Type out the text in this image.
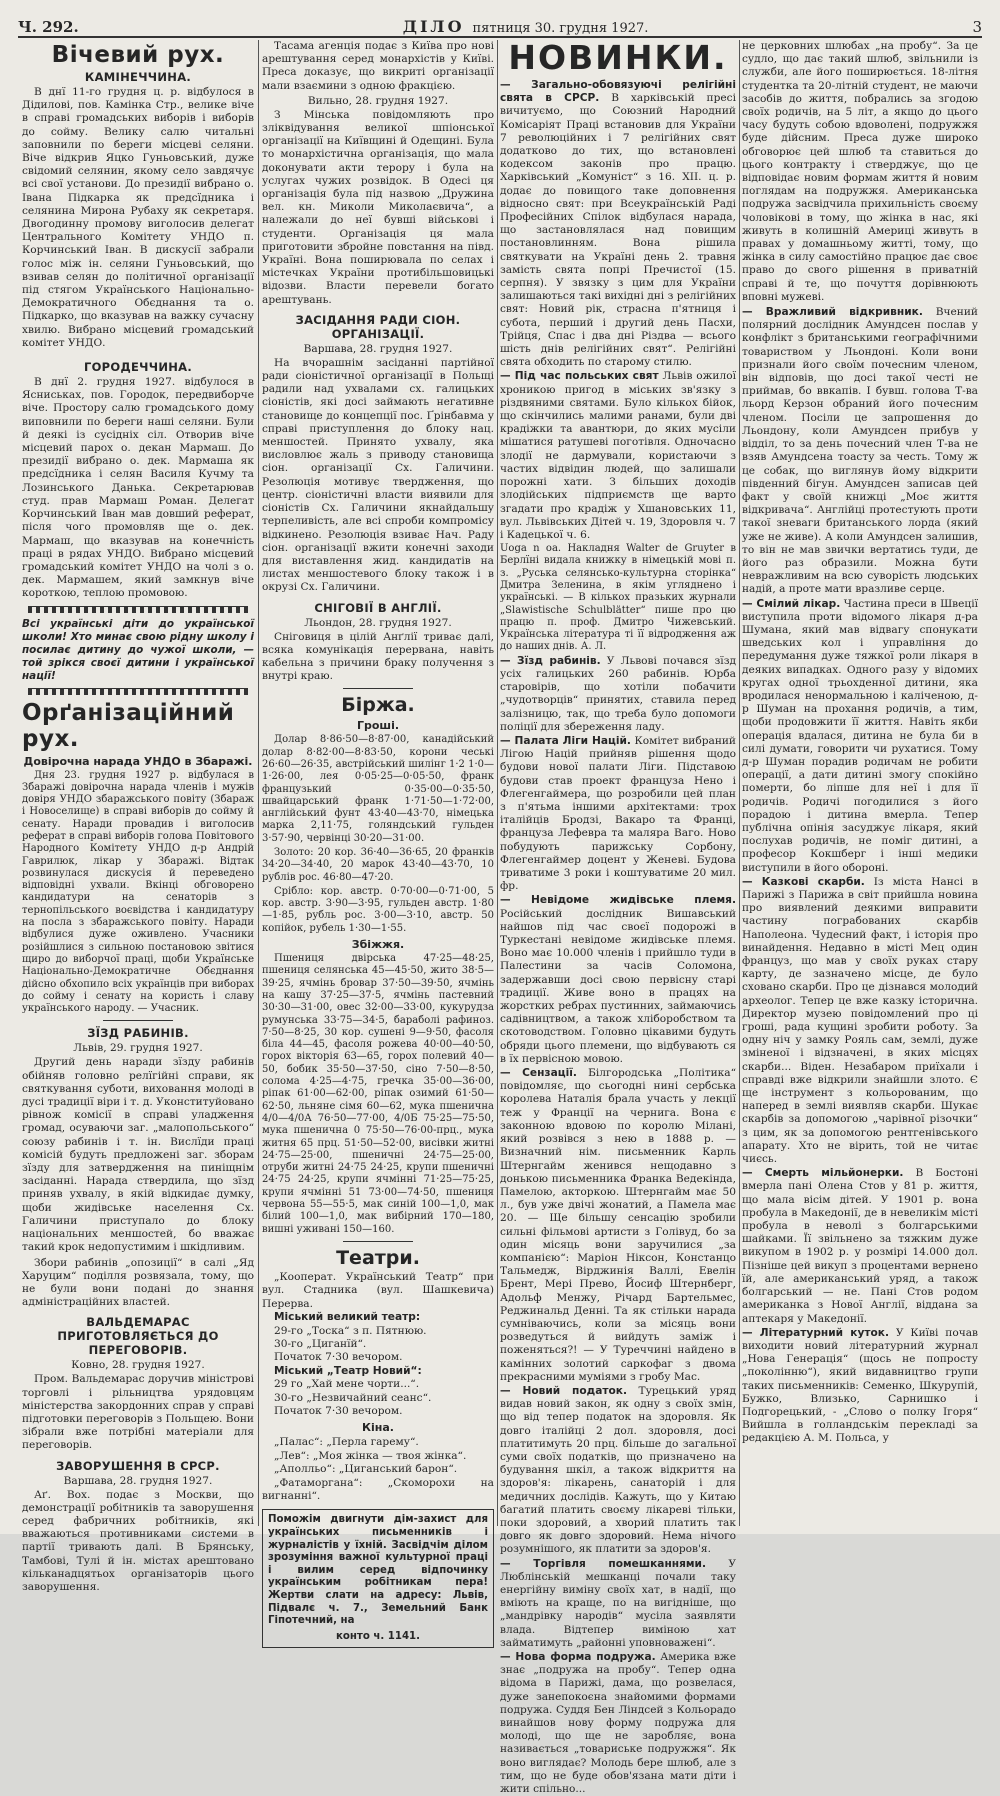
Ч. 292.	ДІЛО пятниця 30. грудня 1927.	3
Вічевий рух.
КАМІНЕЧЧИНА.

В днї 11-го грудня ц. р. відбулося в Дідилові, пов. Камінка Стр., велике віче в справі громадських виборів і виборів до сойму. Велику салю читальні заповнили по береги місцеві селяни. Віче відкрив Яцко Гуньовський, дуже свідомий селянин, якому село завдячує всі свої установи. До президії вибрано о. Івана Підкарка як предсїдника і селянина Мирона Рубаху як секретаря. Двогодинну промову виголосив делегат Центрального Комітету УНДО п. Корчинський Іван. В дискусії забрали голос між ін. селяни Гуньовський, що взивав селян до політичної організації під стягом Українського Національно-Демократичного Обєднання та о. Підкарко, що вказував на важку сучасну хвилю. Вибрано місцевий громадський комітет УНДО.

ГОРОДЕЧЧИНА.

В днї 2. грудня 1927. відбулося в Ясниськах, пов. Городок, передвиборче віче. Простору салю громадського дому виповнили по береги наші селяни. Були й деякі із сусідніх сіл. Отворив віче місцевий парох о. декан Мармаш. До президії вибрано о. дек. Мармаша як предсїдника і селян Василя Кучму та Лозинського Данька. Секретарював студ. прав Мармаш Роман. Делегат Корчинський Іван мав довший реферат, після чого промовляв ще о. дек. Мармаш, що вказував на конечність праці в рядах УНДО. Вибрано місцевий громадський комітет УНДО на чолі з о. дек. Мармашем, який замкнув віче короткою, теплою промовою.

Всі українські діти до української школи! Хто минає свою рідну школу і посилає дитину до чужої школи, — той зрікся своєї дитини і української нації!
Орґанізаційний рух.
Довірочна нарада УНДО в Збаражі.

Дня 23. грудня 1927 р. відбулася в Збаражі довірочна нарада членів і мужів довіря УНДО збаражського повіту (Збараж і Новоселище) в справі виборів до сойму й сенату. Наради провадив і виголосив реферат в справі виборів голова Повітового Народного Комітету УНДО д-р Андрій Гаврилюк, лікар у Збаражі. Відтак розвинулася дискусія й переведено відповідні ухвали. Вкінці обговорено кандидатури на сенаторів з тернопільського воєвідства і кандидатуру на посла з збаражського повіту. Наради відбулися дуже оживлено. Учасники розійшлися з сильною постановою звітися щиро до виборчої праці, щоби Українське Національно-Демократичне Обєднання дійсно обхопило всіх українців при виборах до сойму і сенату на користь і славу українського народу. — Учасник.

ЗЇЗД РАБИНІВ.
Львів, 29. грудня 1927.

Другий день наради зїзду рабинів обійняв головно релїгійні справи, як святкування суботи, виховання молоді в дусі традиції віри і т. д. Уконституйовано рівнож комісії в справі уладження громад, осуваючи заг. „малопольського“ союзу рабинів і т. ін. Вислїди праці комісій будуть предложені заг. зборам зїзду для затвердження на пиніщнім засіданні. Нарада ствердила, що зїзд приняв ухвалу, в якій відкидає думку, щоби жидівське населення Сх. Галичини приступало до блоку національних меншостей, бо вважає такий крок недопустимим і шкідливим.

Збори рабинів „опозиції“ в салі „Яд Харуцим“ поділля розвязала, тому, що не були вони подані до знання адміністраційних властей.

ВАЛЬДЕМАРАС ПРИГОТОВЛЯЄТЬСЯ ДО ПЕРЕГОВОРІВ.
Ковно, 28. грудня 1927.

Пром. Вальдемарас доручив міністрові торговлі і рільництва урядовцям міністерства закордонних справ у справі підготовки переговорів з Польщею. Вони зібрали вже потрібні матеріали для переговорів.

ЗАВОРУШЕННЯ В СРСР.
Варшава, 28. грудня 1927.

Аґ. Вох. подає з Москви, що демонстрації робітників та заворушення серед фабричних робітників, які вважаються противниками системи в партії тривають далі. В Брянську, Тамбові, Тулі й ін. містах арештовано кільканадцятьох організаторів цього заворушення.

Тасама агенція подає з Київа про нові арештування серед монархістів у Київі. Преса доказує, що викриті організації мали взаємини з одною фракцією.

Вильно, 28. грудня 1927.

З Мінська повідомляють про зліквідування великої шпіонської організації на Київщині й Одещині. Була то монархістична організація, що мала доконувати акти терору і була на услугах чужих розвідок. В Одесі ця організація була під назвою „Дружина вел. кн. Миколи Миколаєвича“, а належали до неї бувші військові і студенти. Організація ця мала приготовити збройне повстання на півд. Україні. Вона поширювала по селах і містечках України протибільшовицькі відозви. Власти перевели богато арештувань.

ЗАСІДАННЯ РАДИ СІОН. ОРГАНІЗАЦІЇ.
Варшава, 28. грудня 1927.

На вчорашнім засіданні партійної ради сіоністичної організації в Польщі радили над ухвалами сх. галицьких сіоністів, які досі займають негативне становище до концепції пос. Ґрінбавма у справі приступлення до блоку нац. меншостей. Принято ухвалу, яка висловлює жаль з приводу становища сіон. організації Сх. Галичини. Резолюція мотивує твердження, що центр. сіоністичні власти виявили для сіоністів Сх. Галичини якнайдальшу терпеливість, але всі спроби компромісу відкинено. Резолюція взиває Нач. Раду сіон. організації вжити конечні заходи для виставлення жид. кандидатів на листах меншостевого блоку також і в окрузі Сх. Галичини.

СНІГОВІЇ В АНГЛІЇ.
Льондон, 28. грудня 1927.

Сніговиця в цілій Анґлії триває далі, всяка комунікація перервана, навіть кабельна з причини браку получення з внутрі краю.

Біржа.
Гроші.

Долар 8·86·50—8·87·00, канадійський долар 8·82·00—8·83·50, корони чеські 26·60—26·35, австрійський шилінг 1·2 1·0—1·26·00, лея 0·05·25—0·05·50, франк французький 0·35·00—0·35·50, швайцарський франк 1·71·50—1·72·00, англійський фунт 43·40—43·70, німецька марка 2,11·75, голяндський гульден 3·57·90, червінці 30·20—31·00.

Золото: 20 кор. 36·40—36·65, 20 франків 34·20—34·40, 20 марок 43·40—43·70, 10 рублів рос. 46·80—47·20.

Срібло: кор. австр. 0·70·00—0·71·00, 5 кор. австр. 3·90—3·95, гульден австр. 1·80—1·85, рубль рос. 3·00—3·10, австр. 50 копійок, рубель 1·30—1·55.

Збіжжя.

Пшениця двірська 47·25—48·25, пшениця селянська 45—45·50, жито 38·5—39·25, ячмінь бровар 37·50—39·50, ячмінь на кашу 37·25—37·5, ячмінь пастевний 30·30—31·00, овес 32·00—33·00, кукурудза румунська 33·75—34·5, бараболі рафиноз. 7·50—8·25, 30 кор. сушені 9—9·50, фасоля біла 44—45, фасоля рожева 40·00—40·50, горох вікторія 63—65, горох полевий 40—50, бобик 35·50—37·50, сіно 7·50—8·50, солома 4·25—4·75, гречка 35·00—36·00, ріпак 61·00—62·00, ріпак озимий 61·50—62·50, льняне сімя 60—62, мука пшенична 4/0—4/0А 76·50—77·00, 4/0Б 75·25—75·50, мука пшенична 0 75·50—76·00-прц., мука житня 65 прц. 51·50—52·00, висівки житні 24·75—25·00, пшеничні 24·75—25·00, отруби житні 24·75 24·25, крупи пшеничні 24·75 24·25, крупи ячмінні 71·25—75·25, крупи ячмінні 51 73·00—74·50, пшениця червона 55—55·5, мак синій 100—1,0, мак білий 100—1,0, мак вибірний 170—180, вишні уживані 150—160.

Театри.

„Кооперат. Український Театр“ при вул. Стадника (вул. Шашкевича) Перерва.

Міський великий театр:

29-го „Тоска“ з п. Пятнюю.

30-го „Циганїй“.

Початок 7·30 вечором.

Міський „Театр Новий“:

29 го „Хай мене чорти...“.

30-го „Незвичайний сеанс“.

Початок 7·30 вечором.

Кіна.

„Палас“: „Перла гарему“.

„Лев“: „Моя жінка — твоя жінка“.

„Аполльо“: „Циганський барон“.

„Фатаморгана“: „Скоморохи на вигнанні“.

Поможім двигнути дім-захист для українських письменників і журналістів у їхній. Засвідчім ділом зрозуміння важної культурної праці і вилим серед відпочинку українським робітникам пера! Жертви слати на адресу: Львів, Підвалє ч. 7., Земельний Банк Гіпотечний, на
конто ч. 1141.
НОВИНКИ.
— Загально-обовязуючі релігійні свята в СРСР. В харківській пресі вичитуємо, що Союзний Народний Комісаріят Праці встановив для України 7 революційних і 7 релігійних свят додатково до тих, що встановлені кодексом законів про працю. Харківський „Комуніст“ з 16. XII. ц. р. додає до повищого таке доповнення відносно свят: при Всеукраїнській Раді Професійних Спілок відбулася нарада, що застановлялася над повищим постановлинням. Вона рішила святкувати на Україні день 2. травня замість свята попрі Пречистої (15. серпня). У звязку з цим для України залишаються такі вихідні дні з релігійних свят: Новий рік, страсна п'ятниця і субота, перший і другий день Пасхи, Трійця, Спас і два дні Різдва — всього шість днів релігійних свят“. Релігійні свята обходить по старому стилю.
— Під час польських свят Львів ожилої хроникою пригод в міських зв'язку з різдвяними святами. Було кількох бійок, що скінчились малими ранами, були дві крадіжки та авантюри, до яких мусіли мішатися ратушеві поготівля. Одночасно злодії не дармували, користаючи з частих відвідин людей, що залишали порожні хати. З більших доходів злодійських підприємств ще варто згадати про крадіж у Хшановських 11, вул. Львівських Дітей ч. 19, Здоровля ч. 7 і Кадецької ч. 6.
Uoga n oa. Накладня Walter de Gruyter в Берлїні видала книжку в німецькій мові п. з. „Руська селянсько-культурна сторінка“ Дмитра Зеленина, в якім угляднено і українські. — В кількох празьких журнали „Slawistische Schulblätter“ пише про цю працю п. проф. Дмитро Чижевський. Українська література ті її відродження аж до наших днів. А. Л.
— Зїзд рабинів. У Львові почався зїзд усіх галицьких 260 рабинів. Юрба старовірів, що хотіли побачити „чудотворців“ принятих, ставила перед залізницю, так, що треба було допомоги поліції для збереження ладу.
— Палата Ліги Націй. Комітет вибраний Лігою Націй прийняв рішення щодо будови нової палати Ліги. Підставою будови став проект француза Нено і Флегенгаймера, що розробили цей план з п'ятьма іншими архітектами: трох італійців Бродзі, Вакаро та Франці, француза Лефевра та маляра Ваго. Ново побудують парижську Сорбону, Флегенгаймер доцент у Женеві. Будова триватиме 3 роки і коштуватиме 20 мил. фр.
— Невідоме жидівське племя. Російський дослідник Вишавський найшов під час своєї подорожі в Туркестані невідоме жидівське племя. Воно має 10.000 членів і прийшло туди в Палестини за часів Соломона, задержавши досі свою первісну старі традиції. Живе воно в працях на жорстких ребрах пустинних, займаючись садівництвом, а також хліборобством та скотоводством. Головно цікавими будуть обряди цього племени, що відбувають ся в їх первісною мовою.
— Сензації. Білгородська „Політика“ повідомляє, що сьогодні нині сербська королева Наталія брала участь у лекції теж у Франції на чернига. Вона є законною вдовою по королю Мілані, який розвівся з нею в 1888 р. — Визначний нім. письменник Карль Штернгайм женився нещодавно з донькою письменника Франка Ведекінда, Памелою, акторкою. Штернгайм має 50 л., був уже двічі жонатий, а Памела має 20. — Ще більшу сенсацію зробили сильні фільмові артисти з Голівуд, бо за один місяць вони заручилися „за компанією“: Маріон Ніксон, Констанцо Тальмедж, Вірджинія Валлі, Евелін Брент, Мері Прево, Йосиф Штернберг, Адольф Менжу, Річард Бартельмес, Реджинальд Денні. Та як стільки нарада сумніваючись, коли за місяць вони розведуться й вийдуть заміж і поженяться?! — У Туреччині найдено в камінних золотий саркофаг з двома прекрасними муміями з гробу Мас.
— Новий податок. Турецький уряд видав новий закон, як одну з своїх змін, що від тепер податок на здоровля. Як довго італійці 2 дол. здоровля, досі платитимуть 20 прц. більше до загальної суми своїх податків, що призначено на будування шкіл, а також відкриття на здоров'я: лікарень, санаторій і для медичних дослідів. Кажуть, що у Китаю багатий платить своєму лікареві тільки, поки здоровий, а хворий платить так довго як довго здоровий. Нема нічого розумнішого, як платити за здоров'я.
— Торгівля помешканнями. У Люблінській мешканці почали таку енергійну виміну своїх хат, в надії, що вміють на краще, по на вигідніше, що „мандрівку народів“ мусіла заявляти влада. Відтепер виміною хат займатимуть „районні уповноважені“.
— Нова форма подружа. Америка вже знає „подружа на пробу“. Тепер одна відома в Парижі, дама, що розвелася, дуже занепокоєна знайомими формами подружа. Суддя Бен Ліндсей з Кольорадо винайшов нову форму подружа для молоді, що ще не заробляє, вона називається „товариське подружжя“. Як воно виглядає? Молодь бере шлюб, але з тим, що не буде обов'язана мати діти і жити спільно...

не церковних шлюбах „на пробу“. За це судло, що дає такий шлюб, звільнили із служби, але його поширюється. 18-літня студентка та 20-літній студент, не маючи засобів до життя, побрались за згодою своїх родичів, на 5 літ, а якщо до цього часу будуть собою вдоволені, подружжя буде дійсним. Преса дуже широко обговорює цей шлюб та ставиться до цього контракту і стверджує, що це відповідає новим формам життя й новим поглядам на подружжя. Американська подружа засвідчила прихильність своєму чоловікові в тому, що жінка в нас, які живуть в колишній Америці живуть в правах у домашньому житті, тому, що жінка в силу самостійно працює дає своє право до свого рішення в приватній справі й те, що почуття дорівнюють вповні мужеві.

— Вражливий відкривник. Вчений полярний дослідник Амундсен послав у конфлікт з британськими географічними товариством у Льондоні. Коли вони признали його своїм почесним членом, він відповів, що досі такої честі не приймав, бо ввкапів. І бувш. голова Т-ва льорд Керзон обраний його почесним членом. Посіли це запрошення до Льондону, коли Амундсен прибув у відділ, то за день почесний член Т-ва не взяв Амундсена тоасту за честь. Тому ж це собак, що виглянув йому відкрити південний бігун. Амундсен записав цей факт у своїй книжці „Моє життя відкривача“. Англійці протестують проти такої зневаги британського лорда (який уже не живе). А коли Амундсен залишив, то він не мав звички вертатись туди, де його раз образили. Можна бути невражливим на всю суворість людських надій, а проте мати вразливе серце.
— Смілий лікар. Частина преси в Швеції виступила проти відомого лікаря д-ра Шумана, який мав відвагу спонукати шведських кол і управління до передумання дуже тяжкої роли лікаря в деяких випадках. Одного разу у відомих кругах одної трьохденної дитини, яка вродилася ненормальною і каліченою, д-р Шуман на прохання родичів, а тим, щоби продовжити її життя. Навіть якби операція вдалася, дитина не була би в силі думати, говорити чи рухатися. Тому д-р Шуман порадив родичам не робити операції, а дати дитині змогу спокійно померти, бо ліпше для неї і для її родичів. Родичі погодилися з його порадою і дитина вмерла. Тепер публічна опінія засуджує лікаря, який послухав родичів, не поміг дитині, а професор Кокшберг і інші медики виступили в його обороні.
— Казкові скарби. Із міста Нансі в Парижі з Парижа в світ прийшла новина про виявлений деякими виправити частину пограбованих скарбів Наполеона. Чудесний факт, і історія про винайдення. Недавно в місті Мец один француз, що мав у своїх руках стару карту, де зазначено місце, де було сховано скарби. Про це дізнався молодий археолог. Тепер це вже казку історична. Директор музею повідомлений про ці гроші, рада кущині зробити роботу. За одну ніч у замку Рояль сам, землі, дуже зміненої і відзначені, в яких місцях скарби... Віден. Незабаром приїхали і справді вже відкрили знайшли злото. Є ще інструмент з кольорованим, що наперед в землі виявляв скарби. Шукає скарбів за допомогою „чарівної різочки“ з цим, як за допомогою рентгенівського апарату. Хто не вірить, той не читає чиєсь.
— Смерть мільйонерки. В Бостоні вмерла пані Олена Стов у 81 р. життя, що мала вісім дітей. У 1901 р. вона пробула в Македонії, де в невеликім місті пробула в неволі з болгарськими шайками. Її звільнено за тяжким дуже викупом в 1902 р. у розмірі 14.000 дол. Пізніше цей викуп з процентами вернено їй, але американський уряд, а також болгарський — не. Пані Стов родом американка з Нової Англії, віддана за аптекаря у Македонії.
— Літературний куток. У Київі почав виходити новий літературний журнал „Нова Генерація“ (щось не попросту „поколінню“), який видавництво групи таких письменників: Семенко, Шкурупій, Бужко, Влизько, Сарнишко і Подгорецький, - „Слово о полку Ігоря“ Вийшла в голландськім перекладі за редакцією А. М. Польса, у
